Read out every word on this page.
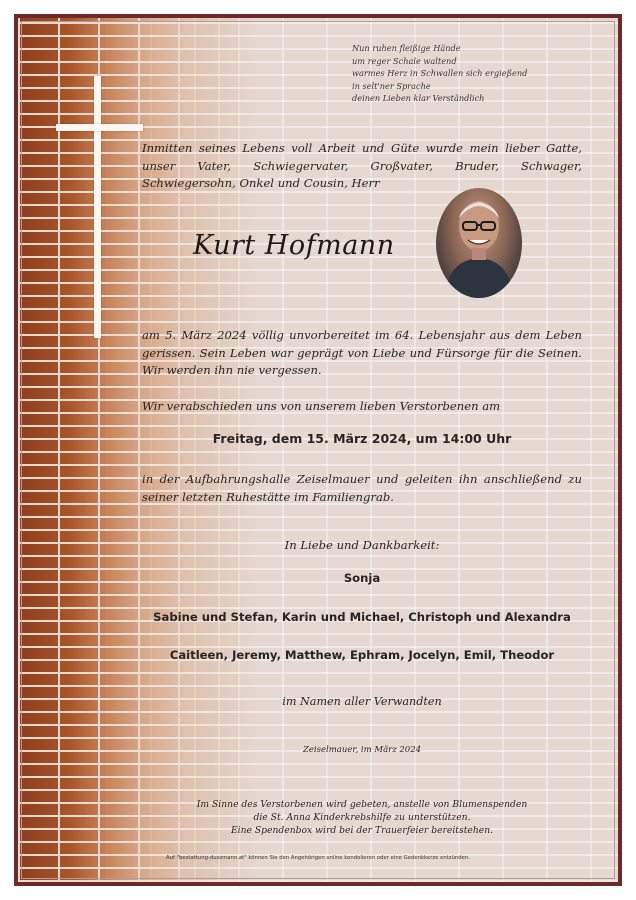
Nun ruhen fleißige Hände
um reger Schale waltend
warmes Herz in Schwallen sich ergießend
in selt'ner Sprache
deinen Lieben klar Verständlich
Inmitten seines Lebens voll Arbeit und Güte wurde mein lieber Gatte, unser Vater, Schwiegervater, Großvater, Bruder, Schwager, Schwiegersohn, Onkel und Cousin, Herr
Kurt Hofmann
am 5. März 2024 völlig unvorbereitet im 64. Lebensjahr aus dem Leben gerissen. Sein Leben war geprägt von Liebe und Fürsorge für die Seinen. Wir werden ihn nie vergessen.
Wir verabschieden uns von unserem lieben Verstorbenen am
Freitag, dem 15. März 2024, um 14:00 Uhr
in der Aufbahrungshalle Zeiselmauer und geleiten ihn anschließend zu seiner letzten Ruhestätte im Familiengrab.
In Liebe und Dankbarkeit:
Sonja
Sabine und Stefan, Karin und Michael, Christoph und Alexandra
Caitleen, Jeremy, Matthew, Ephram, Jocelyn, Emil, Theodor
im Namen aller Verwandten
Zeiselmauer, im März 2024
Im Sinne des Verstorbenen wird gebeten, anstelle von Blumenspenden
die St. Anna Kinderkrebshilfe zu unterstützen.
Eine Spendenbox wird bei der Trauerfeier bereitstehen.
Auf "bestattung-dussmann.at" können Sie den Angehörigen online kondolieren oder eine Gedenkkerze entzünden.
